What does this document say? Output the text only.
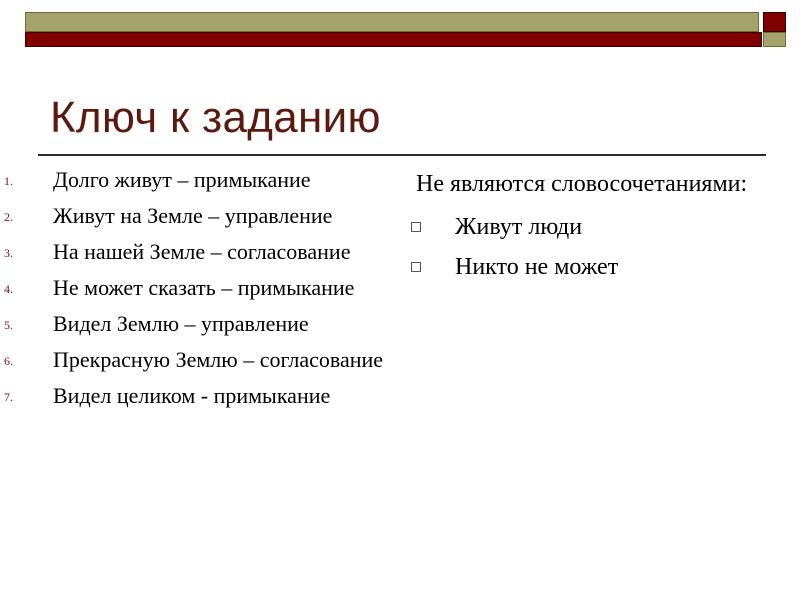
Ключ к заданию
1.	Долго живут – примыкание
2.	Живут на Земле – управление
3.	На нашей Земле – согласование
4.	Не может сказать – примыкание
5.	Видел Землю – управление
6.	Прекрасную Землю – согласование
7.	Видел целиком - примыкание

Не являются словосочетаниями:

Живут люди
Никто не может
